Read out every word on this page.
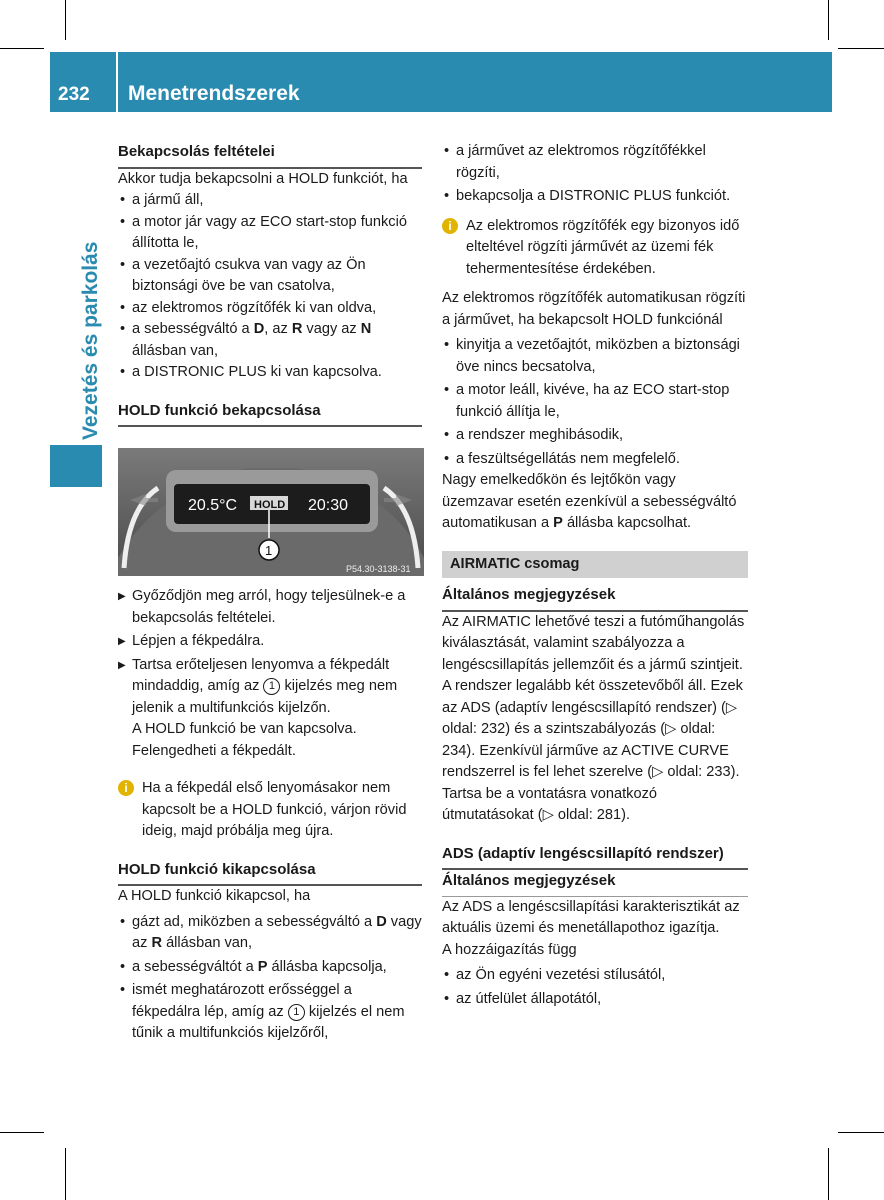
232 Menetrendszerek
Vezetés és parkolás

Bekapcsolás feltételei

Akkor tudja bekapcsolni a HOLD funkciót, ha

• a jármű áll,

• a motor jár vagy az ECO start-stop funkció állította le,

• a vezetőajtó csukva van vagy az Ön biztonsági öve be van csatolva,

• az elektromos rögzítőfék ki van oldva,

• a sebességváltó a D, az R vagy az N állásban van,

• a DISTRONIC PLUS ki van kapcsolva.

HOLD funkció bekapcsolása

20.5°C HOLD 20:30
1
P54.30-3138-31

▶ Győződjön meg arról, hogy teljesülnek-e a bekapcsolás feltételei.

▶ Lépjen a fékpedálra.

▶ Tartsa erőteljesen lenyomva a fékpedált mindaddig, amíg az 1 kijelzés meg nem jelenik a multifunkciós kijelzőn.
A HOLD funkció be van kapcsolva. Felengedheti a fékpedált.

i Ha a fékpedál első lenyomásakor nem kapcsolt be a HOLD funkció, várjon rövid ideig, majd próbálja meg újra.

HOLD funkció kikapcsolása

A HOLD funkció kikapcsol, ha

• gázt ad, miközben a sebességváltó a D vagy az R állásban van,

• a sebességváltót a P állásba kapcsolja,

• ismét meghatározott erősséggel a fékpedálra lép, amíg az 1 kijelzés el nem tűnik a multifunkciós kijelzőről,

• a járművet az elektromos rögzítőfékkel rögzíti,

• bekapcsolja a DISTRONIC PLUS funkciót.

i Az elektromos rögzítőfék egy bizonyos idő elteltével rögzíti járművét az üzemi fék tehermentesítése érdekében.

Az elektromos rögzítőfék automatikusan rögzíti a járművet, ha bekapcsolt HOLD funkciónál

• kinyitja a vezetőajtót, miközben a biztonsági öve nincs becsatolva,

• a motor leáll, kivéve, ha az ECO start-stop funkció állítja le,

• a rendszer meghibásodik,

• a feszültségellátás nem megfelelő.

Nagy emelkedőkön és lejtőkön vagy üzemzavar esetén ezenkívül a sebességváltó automatikusan a P állásba kapcsolhat.

AIRMATIC csomag

Általános megjegyzések

Az AIRMATIC lehetővé teszi a futóműhangolás kiválasztását, valamint szabályozza a lengéscsillapítás jellemzőit és a jármű szintjeit. A rendszer legalább két összetevőből áll. Ezek az ADS (adaptív lengéscsillapító rendszer) (▷ oldal: 232) és a szintszabályozás (▷ oldal: 234). Ezenkívül járműve az ACTIVE CURVE rendszerrel is fel lehet szerelve (▷ oldal: 233).

Tartsa be a vontatásra vonatkozó útmutatásokat (▷ oldal: 281).

ADS (adaptív lengéscsillapító rendszer)

Általános megjegyzések

Az ADS a lengéscsillapítási karakterisztikát az aktuális üzemi és menetállapothoz igazítja.

A hozzáigazítás függ

• az Ön egyéni vezetési stílusától,

• az útfelület állapotától,
